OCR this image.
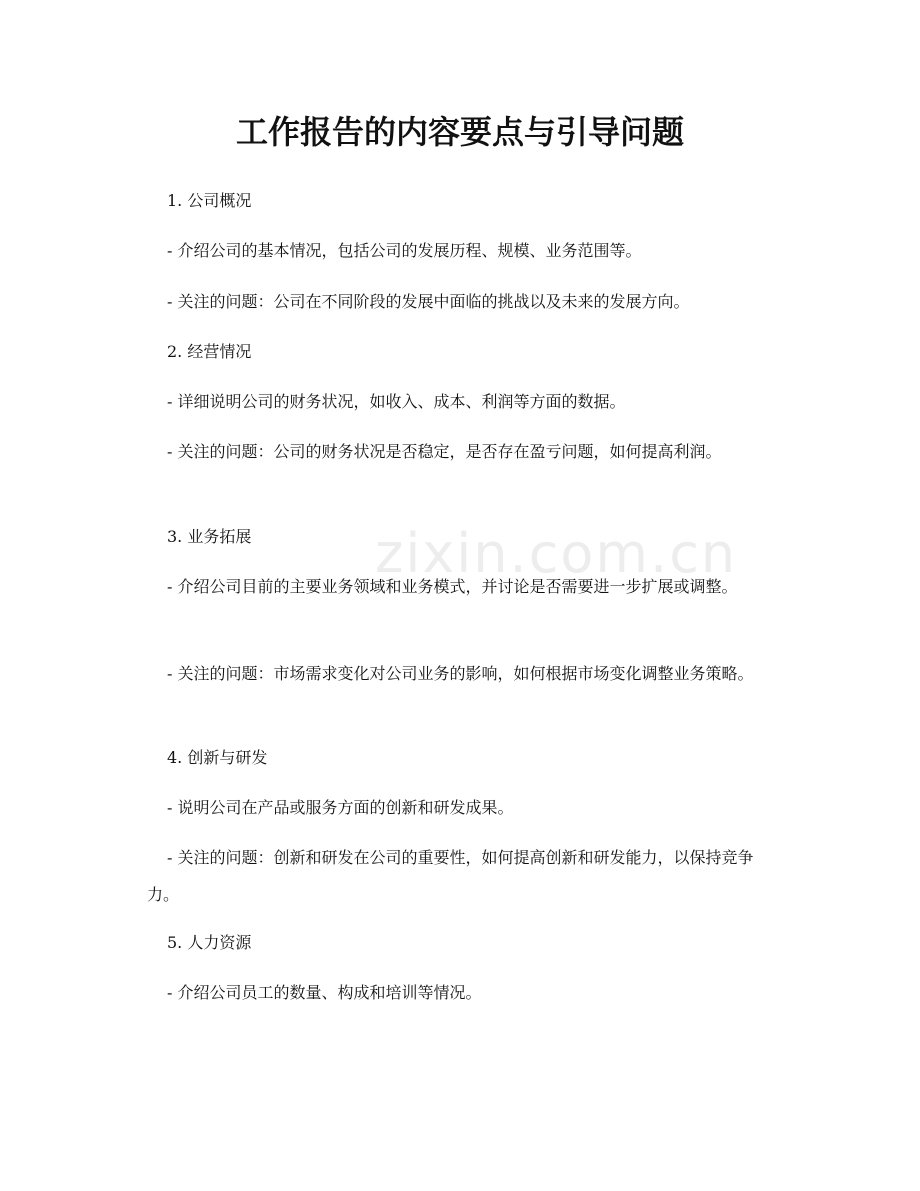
工作报告的内容要点与引导问题
zixin.com.cn

1. 公司概况

- 介绍公司的基本情况，包括公司的发展历程、规模、业务范围等。

- 关注的问题：公司在不同阶段的发展中面临的挑战以及未来的发展方向。

2. 经营情况

- 详细说明公司的财务状况，如收入、成本、利润等方面的数据。

- 关注的问题：公司的财务状况是否稳定，是否存在盈亏问题，如何提高利润。

3. 业务拓展

- 介绍公司目前的主要业务领域和业务模式，并讨论是否需要进一步扩展或调整。

- 关注的问题：市场需求变化对公司业务的影响，如何根据市场变化调整业务策略。

4. 创新与研发

- 说明公司在产品或服务方面的创新和研发成果。

- 关注的问题：创新和研发在公司的重要性，如何提高创新和研发能力，以保持竞争力。

5. 人力资源

- 介绍公司员工的数量、构成和培训等情况。
